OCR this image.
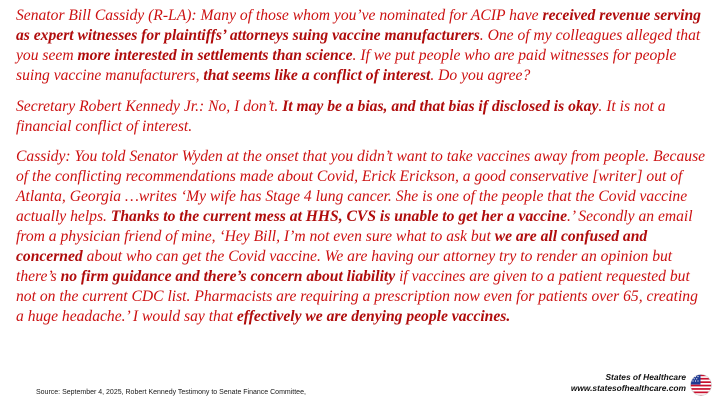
Senator Bill Cassidy (R-LA): Many of those whom you’ve nominated for ACIP have received revenue serving as expert witnesses for plaintiffs’ attorneys suing vaccine manufacturers. One of my colleagues alleged that you seem more interested in settlements than science. If we put people who are paid witnesses for people suing vaccine manufacturers, that seems like a conflict of interest. Do you agree?

Secretary Robert Kennedy Jr.: No, I don’t. It may be a bias, and that bias if disclosed is okay. It is not a financial conflict of interest.

Cassidy: You told Senator Wyden at the onset that you didn’t want to take vaccines away from people. Because of the conflicting recommendations made about Covid, Erick Erickson, a good conservative [writer] out of Atlanta, Georgia …writes ‘My wife has Stage 4 lung cancer. She is one of the people that the Covid vaccine actually helps. Thanks to the current mess at HHS, CVS is unable to get her a vaccine.’ Secondly an email from a physician friend of mine, ‘Hey Bill, I’m not even sure what to ask but we are all confused and concerned about who can get the Covid vaccine. We are having our attorney try to render an opinion but there’s no firm guidance and there’s concern about liability if vaccines are given to a patient requested but not on the current CDC list. Pharmacists are requiring a prescription now even for patients over 65, creating a huge headache.’ I would say that effectively we are denying people vaccines.

Source: September 4, 2025, Robert Kennedy Testimony to Senate Finance Committee,
States of Healthcare
www.statesofhealthcare.com
